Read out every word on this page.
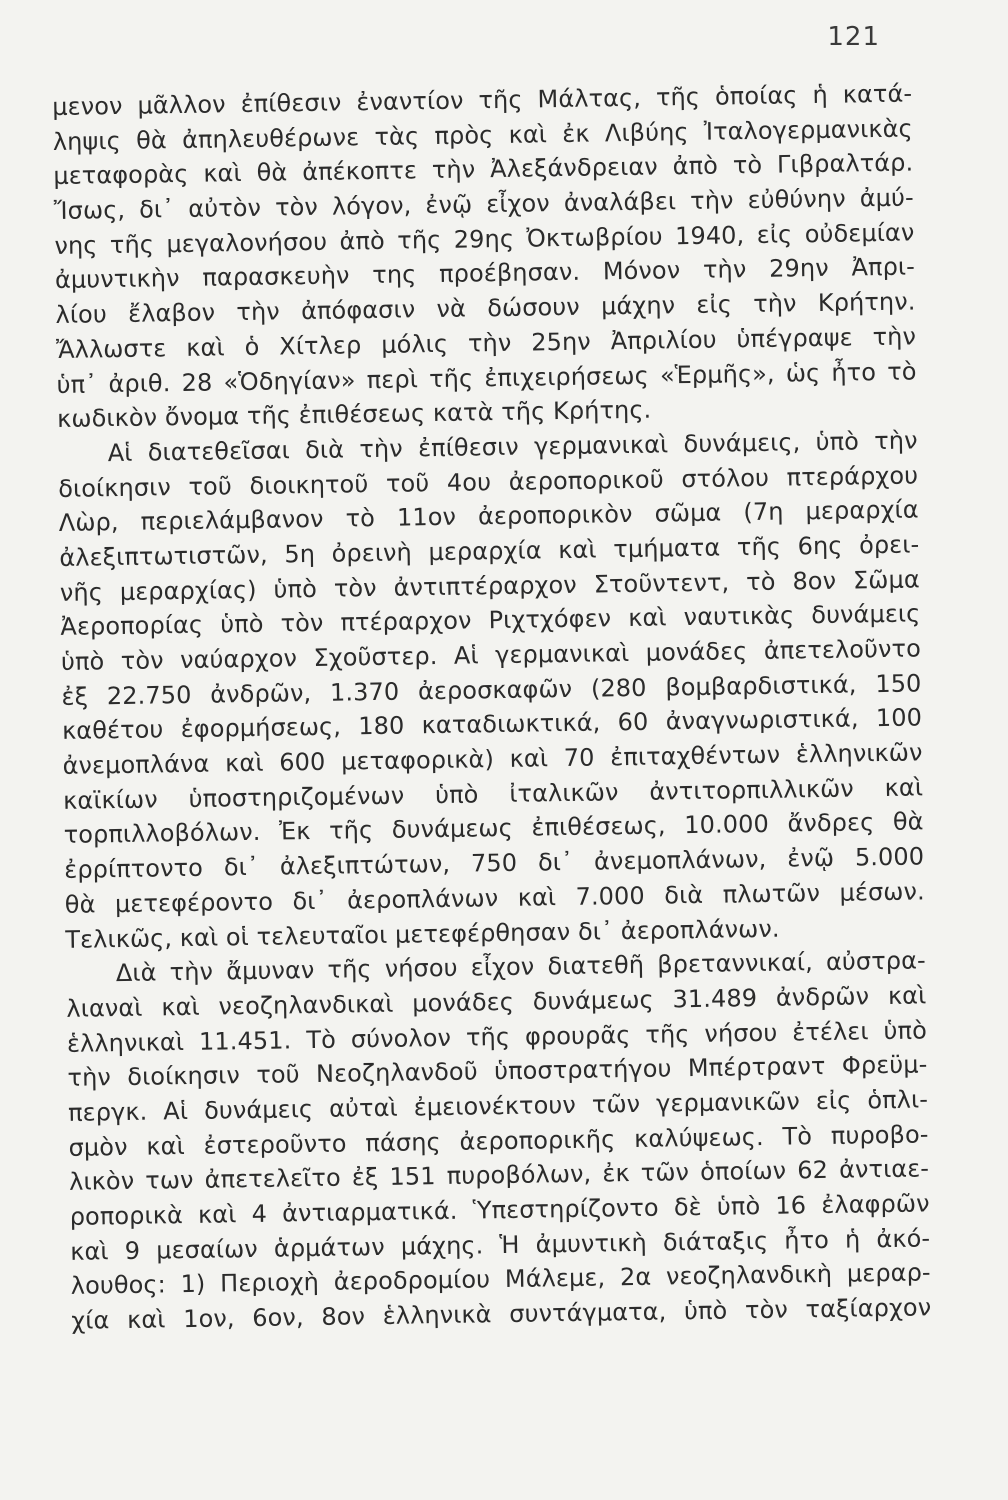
121
μενον μᾶλλον ἐπίθεσιν ἐναντίον τῆς Μάλτας, τῆς ὁποίας ἡ κατά-
ληψις θὰ ἀπηλευθέρωνε τὰς πρὸς καὶ ἐκ Λιβύης Ἰταλογερμανικὰς
μεταφορὰς καὶ θὰ ἀπέκοπτε τὴν Ἀλεξάνδρειαν ἀπὸ τὸ Γιβραλτάρ.
Ἴσως, δι᾽ αὐτὸν τὸν λόγον, ἐνῷ εἶχον ἀναλάβει τὴν εὐθύνην ἀμύ-
νης τῆς μεγαλονήσου ἀπὸ τῆς 29ης Ὀκτωβρίου 1940, εἰς οὐδεμίαν
ἀμυντικὴν παρασκευὴν της προέβησαν. Μόνον τὴν 29ην Ἀπρι-
λίου ἔλαβον τὴν ἀπόφασιν νὰ δώσουν μάχην εἰς τὴν Κρήτην.
Ἄλλωστε καὶ ὁ Χίτλερ μόλις τὴν 25ην Ἀπριλίου ὑπέγραψε τὴν
ὑπ᾽ ἀριθ. 28 «Ὁδηγίαν» περὶ τῆς ἐπιχειρήσεως «Ἑρμῆς», ὡς ἦτο τὸ
κωδικὸν ὄνομα τῆς ἐπιθέσεως κατὰ τῆς Κρήτης.
Αἱ διατεθεῖσαι διὰ τὴν ἐπίθεσιν γερμανικαὶ δυνάμεις, ὑπὸ τὴν
διοίκησιν τοῦ διοικητοῦ τοῦ 4ου ἀεροπορικοῦ στόλου πτεράρχου
Λὼρ, περιελάμβανον τὸ 11ον ἀεροπορικὸν σῶμα (7η μεραρχία
ἀλεξιπτωτιστῶν, 5η ὀρεινὴ μεραρχία καὶ τμήματα τῆς 6ης ὀρει-
νῆς μεραρχίας) ὑπὸ τὸν ἀντιπτέραρχον Στοῦντεντ, τὸ 8ον Σῶμα
Ἀεροπορίας ὑπὸ τὸν πτέραρχον Ριχτχόφεν καὶ ναυτικὰς δυνάμεις
ὑπὸ τὸν ναύαρχον Σχοῦστερ. Αἱ γερμανικαὶ μονάδες ἀπετελοῦντο
ἐξ 22.750 ἀνδρῶν, 1.370 ἀεροσκαφῶν (280 βομβαρδιστικά, 150
καθέτου ἐφορμήσεως, 180 καταδιωκτικά, 60 ἀναγνωριστικά, 100
ἀνεμοπλάνα καὶ 600 μεταφορικὰ) καὶ 70 ἐπιταχθέντων ἑλληνικῶν
καϊκίων ὑποστηριζομένων ὑπὸ ἰταλικῶν ἀντιτορπιλλικῶν καὶ
τορπιλλοβόλων. Ἐκ τῆς δυνάμεως ἐπιθέσεως, 10.000 ἄνδρες θὰ
ἐρρίπτοντο δι᾽ ἀλεξιπτώτων, 750 δι᾽ ἀνεμοπλάνων, ἐνῷ 5.000
θὰ μετεφέροντο δι᾽ ἀεροπλάνων καὶ 7.000 διὰ πλωτῶν μέσων.
Τελικῶς, καὶ οἱ τελευταῖοι μετεφέρθησαν δι᾽ ἀεροπλάνων.
Διὰ τὴν ἄμυναν τῆς νήσου εἶχον διατεθῆ βρεταννικαί, αὐστρα-
λιαναὶ καὶ νεοζηλανδικαὶ μονάδες δυνάμεως 31.489 ἀνδρῶν καὶ
ἑλληνικαὶ 11.451. Τὸ σύνολον τῆς φρουρᾶς τῆς νήσου ἐτέλει ὑπὸ
τὴν διοίκησιν τοῦ Νεοζηλανδοῦ ὑποστρατήγου Μπέρτραντ Φρεϋμ-
περγκ. Αἱ δυνάμεις αὐταὶ ἐμειονέκτουν τῶν γερμανικῶν εἰς ὁπλι-
σμὸν καὶ ἐστεροῦντο πάσης ἀεροπορικῆς καλύψεως. Τὸ πυροβο-
λικὸν των ἀπετελεῖτο ἐξ 151 πυροβόλων, ἐκ τῶν ὁποίων 62 ἀντιαε-
ροπορικὰ καὶ 4 ἀντιαρματικά. Ὑπεστηρίζοντο δὲ ὑπὸ 16 ἐλαφρῶν
καὶ 9 μεσαίων ἁρμάτων μάχης. Ἡ ἀμυντικὴ διάταξις ἦτο ἡ ἀκό-
λουθος: 1) Περιοχὴ ἀεροδρομίου Μάλεμε, 2α νεοζηλανδικὴ μεραρ-
χία καὶ 1ον, 6ον, 8ον ἑλληνικὰ συντάγματα, ὑπὸ τὸν ταξίαρχον
